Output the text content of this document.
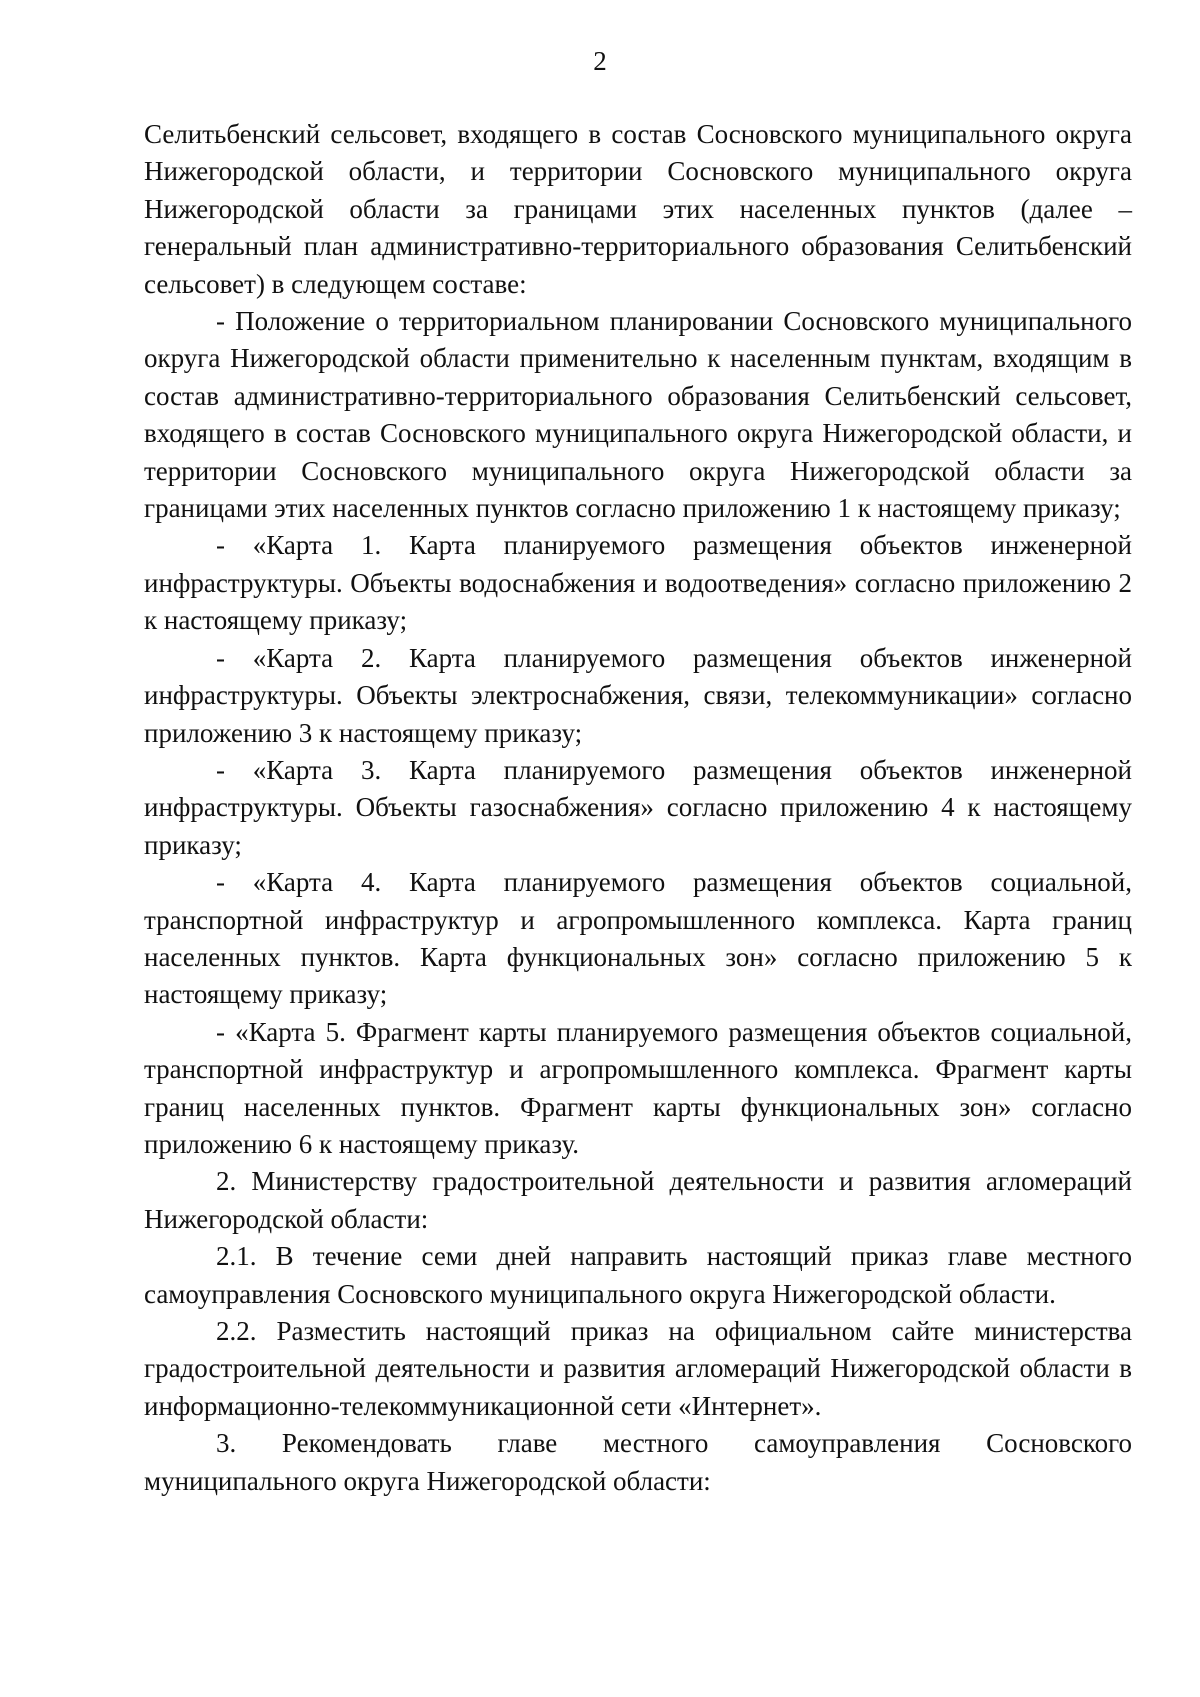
2

Селитьбенский сельсовет, входящего в состав Сосновского муниципального округа Нижегородской области, и территории Сосновского муниципального округа Нижегородской области за границами этих населенных пунктов (далее – генеральный план административно-территориального образования Селитьбенский сельсовет) в следующем составе:

- Положение о территориальном планировании Сосновского муниципального округа Нижегородской области применительно к населенным пунктам, входящим в состав административно-территориального образования Селитьбенский сельсовет, входящего в состав Сосновского муниципального округа Нижегородской области, и территории Сосновского муниципального округа Нижегородской области за границами этих населенных пунктов согласно приложению 1 к настоящему приказу;

- «Карта 1. Карта планируемого размещения объектов инженерной инфраструктуры. Объекты водоснабжения и водоотведения» согласно приложению 2 к настоящему приказу;

- «Карта 2. Карта планируемого размещения объектов инженерной инфраструктуры. Объекты электроснабжения, связи, телекоммуникации» согласно приложению 3 к настоящему приказу;

- «Карта 3. Карта планируемого размещения объектов инженерной инфраструктуры. Объекты газоснабжения» согласно приложению 4 к настоящему приказу;

- «Карта 4. Карта планируемого размещения объектов социальной, транспортной инфраструктур и агропромышленного комплекса. Карта границ населенных пунктов. Карта функциональных зон» согласно приложению 5 к настоящему приказу;

- «Карта 5. Фрагмент карты планируемого размещения объектов социальной, транспортной инфраструктур и агропромышленного комплекса. Фрагмент карты границ населенных пунктов. Фрагмент карты функциональных зон» согласно приложению 6 к настоящему приказу.

2. Министерству градостроительной деятельности и развития агломераций Нижегородской области:

2.1. В течение семи дней направить настоящий приказ главе местного самоуправления Сосновского муниципального округа Нижегородской области.

2.2. Разместить настоящий приказ на официальном сайте министерства градостроительной деятельности и развития агломераций Нижегородской области в информационно-телекоммуникационной сети «Интернет».

3. Рекомендовать главе местного самоуправления Сосновского муниципального округа Нижегородской области:
